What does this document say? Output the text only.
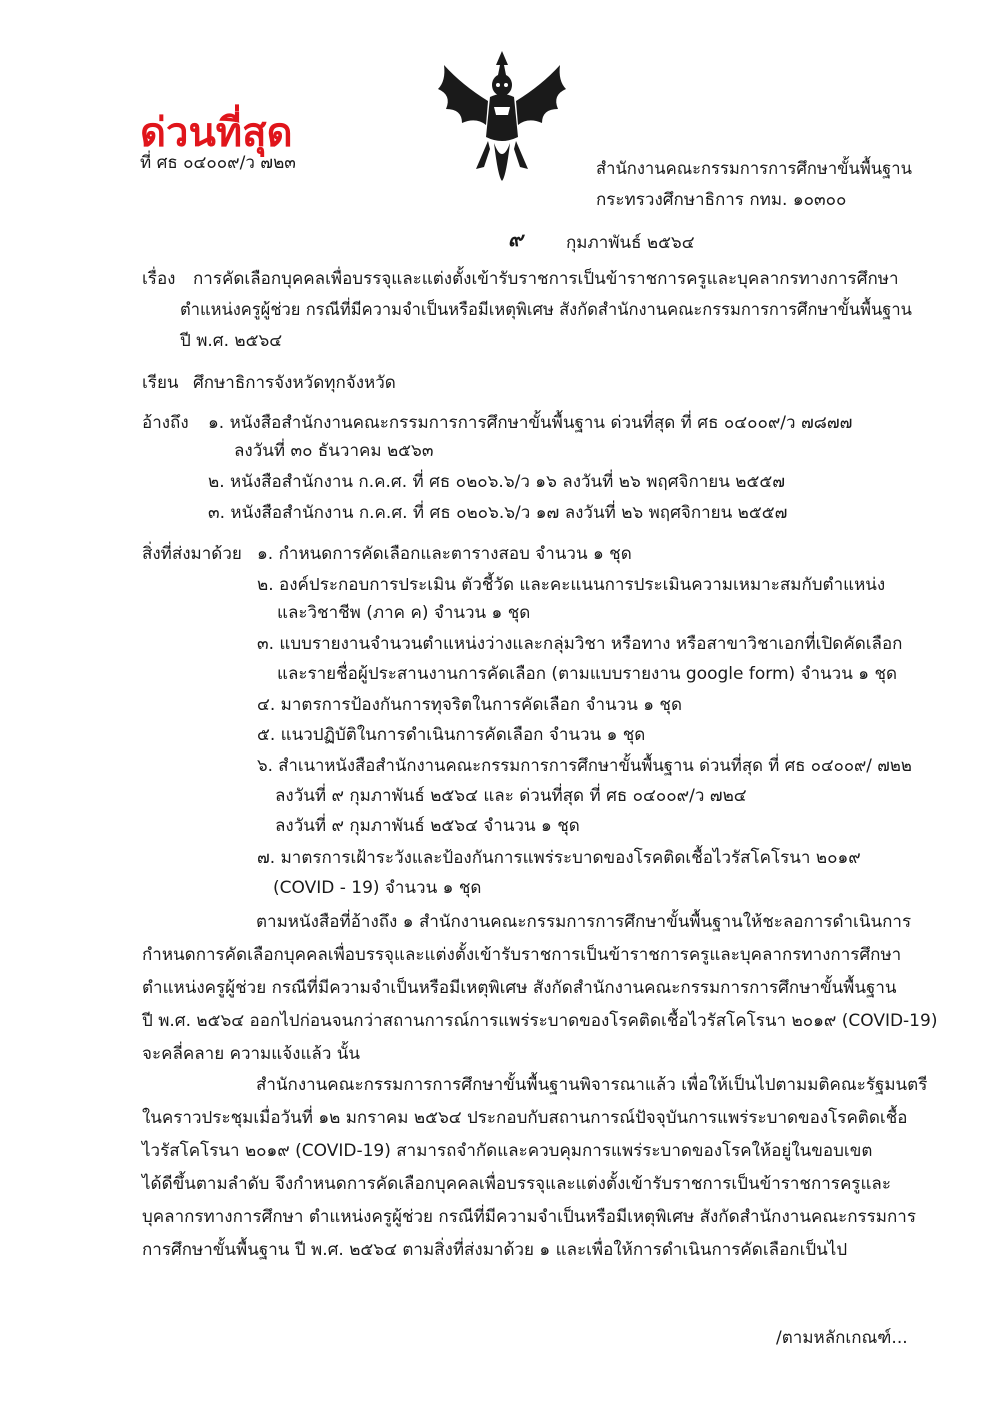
ด่วนที่สุด
ที่ ศธ ๐๔๐๐๙/ว ๗๒๓	สำนักงานคณะกรรมการการศึกษาขั้นพื้นฐาน
กระทรวงศึกษาธิการ กทม. ๑๐๓๐๐
๙	กุมภาพันธ์ ๒๕๖๔
เรื่อง การคัดเลือกบุคคลเพื่อบรรจุและแต่งตั้งเข้ารับราชการเป็นข้าราชการครูและบุคลากรทางการศึกษา
ตำแหน่งครูผู้ช่วย กรณีที่มีความจำเป็นหรือมีเหตุพิเศษ สังกัดสำนักงานคณะกรรมการการศึกษาขั้นพื้นฐาน
ปี พ.ศ. ๒๕๖๔
เรียน ศึกษาธิการจังหวัดทุกจังหวัด
อ้างถึง ๑. หนังสือสำนักงานคณะกรรมการการศึกษาขั้นพื้นฐาน ด่วนที่สุด ที่ ศธ ๐๔๐๐๙/ว ๗๘๗๗
ลงวันที่ ๓๐ ธันวาคม ๒๕๖๓
๒. หนังสือสำนักงาน ก.ค.ศ. ที่ ศธ ๐๒๐๖.๖/ว ๑๖ ลงวันที่ ๒๖ พฤศจิกายน ๒๕๕๗
๓. หนังสือสำนักงาน ก.ค.ศ. ที่ ศธ ๐๒๐๖.๖/ว ๑๗ ลงวันที่ ๒๖ พฤศจิกายน ๒๕๕๗
สิ่งที่ส่งมาด้วย ๑. กำหนดการคัดเลือกและตารางสอบ จำนวน ๑ ชุด
๒. องค์ประกอบการประเมิน ตัวชี้วัด และคะแนนการประเมินความเหมาะสมกับตำแหน่ง
และวิชาชีพ (ภาค ค) จำนวน ๑ ชุด
๓. แบบรายงานจำนวนตำแหน่งว่างและกลุ่มวิชา หรือทาง หรือสาขาวิชาเอกที่เปิดคัดเลือก
และรายชื่อผู้ประสานงานการคัดเลือก (ตามแบบรายงาน google form) จำนวน ๑ ชุด
๔. มาตรการป้องกันการทุจริตในการคัดเลือก จำนวน ๑ ชุด
๕. แนวปฏิบัติในการดำเนินการคัดเลือก จำนวน ๑ ชุด
๖. สำเนาหนังสือสำนักงานคณะกรรมการการศึกษาขั้นพื้นฐาน ด่วนที่สุด ที่ ศธ ๐๔๐๐๙/ ๗๒๒
ลงวันที่ ๙ กุมภาพันธ์ ๒๕๖๔ และ ด่วนที่สุด ที่ ศธ ๐๔๐๐๙/ว ๗๒๔
ลงวันที่ ๙ กุมภาพันธ์ ๒๕๖๔ จำนวน ๑ ชุด
๗. มาตรการเฝ้าระวังและป้องกันการแพร่ระบาดของโรคติดเชื้อไวรัสโคโรนา ๒๐๑๙
(COVID - 19) จำนวน ๑ ชุด
ตามหนังสือที่อ้างถึง ๑ สำนักงานคณะกรรมการการศึกษาขั้นพื้นฐานให้ชะลอการดำเนินการ
กำหนดการคัดเลือกบุคคลเพื่อบรรจุและแต่งตั้งเข้ารับราชการเป็นข้าราชการครูและบุคลากรทางการศึกษา
ตำแหน่งครูผู้ช่วย กรณีที่มีความจำเป็นหรือมีเหตุพิเศษ สังกัดสำนักงานคณะกรรมการการศึกษาขั้นพื้นฐาน
ปี พ.ศ. ๒๕๖๔ ออกไปก่อนจนกว่าสถานการณ์การแพร่ระบาดของโรคติดเชื้อไวรัสโคโรนา ๒๐๑๙ (COVID-19)
จะคลี่คลาย ความแจ้งแล้ว นั้น
สำนักงานคณะกรรมการการศึกษาขั้นพื้นฐานพิจารณาแล้ว เพื่อให้เป็นไปตามมติคณะรัฐมนตรี
ในคราวประชุมเมื่อวันที่ ๑๒ มกราคม ๒๕๖๔ ประกอบกับสถานการณ์ปัจจุบันการแพร่ระบาดของโรคติดเชื้อ
ไวรัสโคโรนา ๒๐๑๙ (COVID-19) สามารถจำกัดและควบคุมการแพร่ระบาดของโรคให้อยู่ในขอบเขต
ได้ดีขึ้นตามลำดับ จึงกำหนดการคัดเลือกบุคคลเพื่อบรรจุและแต่งตั้งเข้ารับราชการเป็นข้าราชการครูและ
บุคลากรทางการศึกษา ตำแหน่งครูผู้ช่วย กรณีที่มีความจำเป็นหรือมีเหตุพิเศษ สังกัดสำนักงานคณะกรรมการ
การศึกษาขั้นพื้นฐาน ปี พ.ศ. ๒๕๖๔ ตามสิ่งที่ส่งมาด้วย ๑ และเพื่อให้การดำเนินการคัดเลือกเป็นไป
/ตามหลักเกณฑ์...
